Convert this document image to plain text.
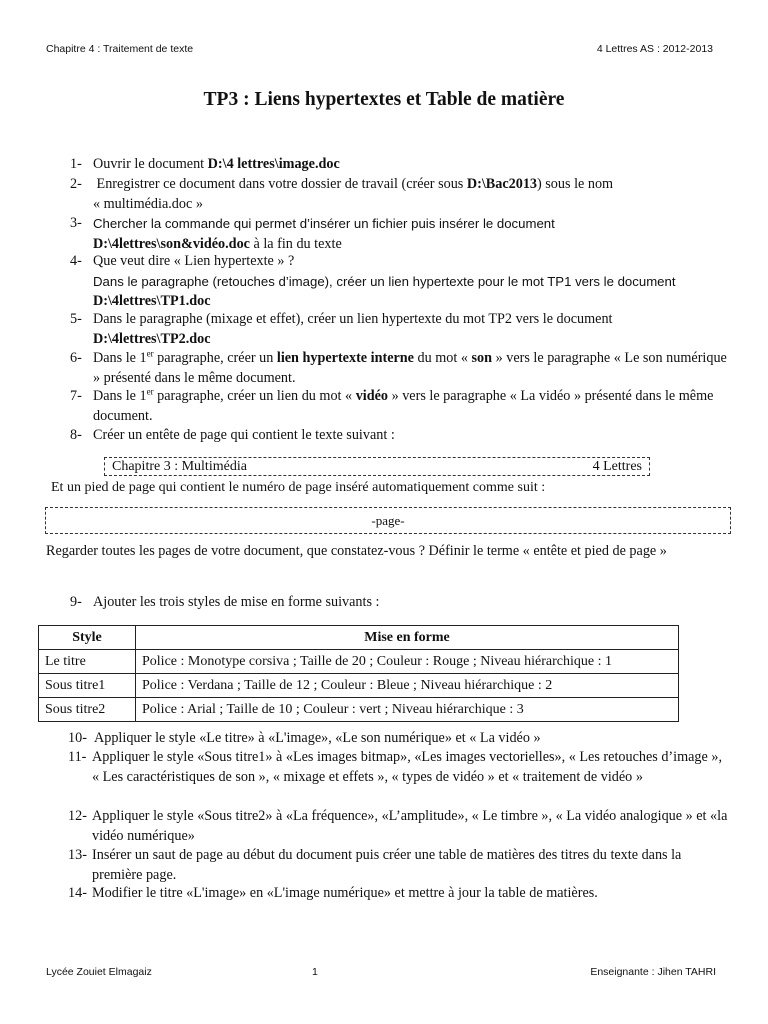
Chapitre 4 : Traitement de texte	4 Lettres AS : 2012-2013
TP3 : Liens hypertextes et Table de matière
1- Ouvrir le document D:\4 lettres\image.doc
2- Enregistrer ce document dans votre dossier de travail (créer sous D:\Bac2013) sous le nom
« multimédia.doc »
3- Chercher la commande qui permet d’insérer un fichier puis insérer le document
D:\4lettres\son&vidéo.doc à la fin du texte
4- Que veut dire « Lien hypertexte » ?
Dans le paragraphe (retouches d’image), créer un lien hypertexte pour le mot TP1 vers le document
D:\4lettres\TP1.doc
5- Dans le paragraphe (mixage et effet), créer un lien hypertexte du mot TP2 vers le document
D:\4lettres\TP2.doc
6- Dans le 1er paragraphe, créer un lien hypertexte interne du mot « son » vers le paragraphe « Le son numérique » présenté dans le même document.
7- Dans le 1er paragraphe, créer un lien du mot « vidéo » vers le paragraphe « La vidéo » présenté dans le même document.
8- Créer un entête de page qui contient le texte suivant :
Chapitre 3 : Multimédia	4 Lettres
Et un pied de page qui contient le numéro de page inséré automatiquement comme suit :
-page-
Regarder toutes les pages de votre document, que constatez-vous ? Définir le terme « entête et pied de page »
9- Ajouter les trois styles de mise en forme suivants :
Style	Mise en forme
Le titre	Police : Monotype corsiva ; Taille de 20 ; Couleur : Rouge ; Niveau hiérarchique : 1
Sous titre1	Police : Verdana ; Taille de 12 ; Couleur : Bleue ; Niveau hiérarchique : 2
Sous titre2	Police : Arial ; Taille de 10 ; Couleur : vert ; Niveau hiérarchique : 3
10- Appliquer le style «Le titre» à «L'image», «Le son numérique» et « La vidéo »
11- Appliquer le style «Sous titre1» à «Les images bitmap», «Les images vectorielles», « Les retouches d’image », « Les caractéristiques de son », « mixage et effets », « types de vidéo » et « traitement de vidéo »
12- Appliquer le style «Sous titre2» à «La fréquence», «L’amplitude», « Le timbre », « La vidéo analogique » et «la vidéo numérique»
13- Insérer un saut de page au début du document puis créer une table de matières des titres du texte dans la première page.
14- Modifier le titre «L'image» en «L'image numérique» et mettre à jour la table de matières.
Lycée Zouiet Elmagaiz	1	Enseignante : Jihen TAHRI
